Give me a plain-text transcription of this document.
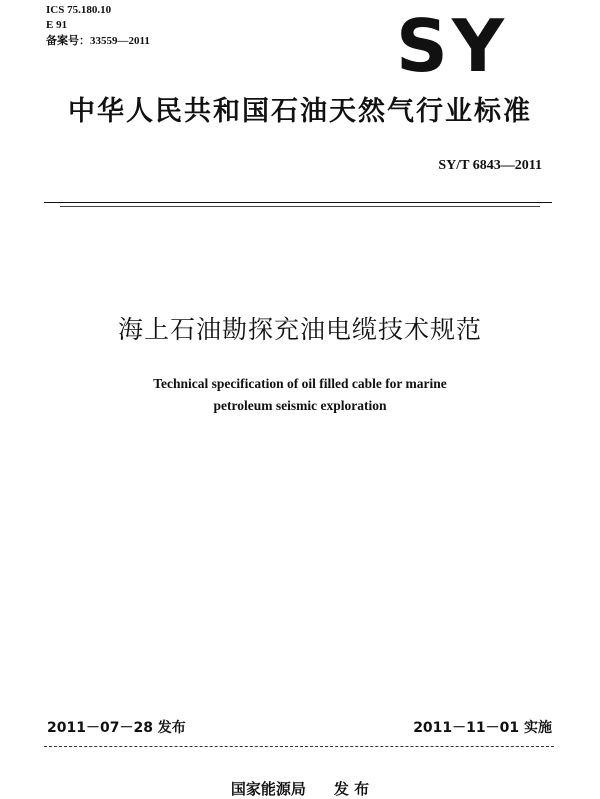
ICS 75.180.10
E 91
备案号：33559—2011	SY
中华人民共和国石油天然气行业标准
SY/T 6843—2011
海上石油勘探充油电缆技术规范
Technical specification of oil filled cable for marine
petroleum seismic exploration
2011－07－28 发布	2011－11－01 实施
国家能源局 发 布
